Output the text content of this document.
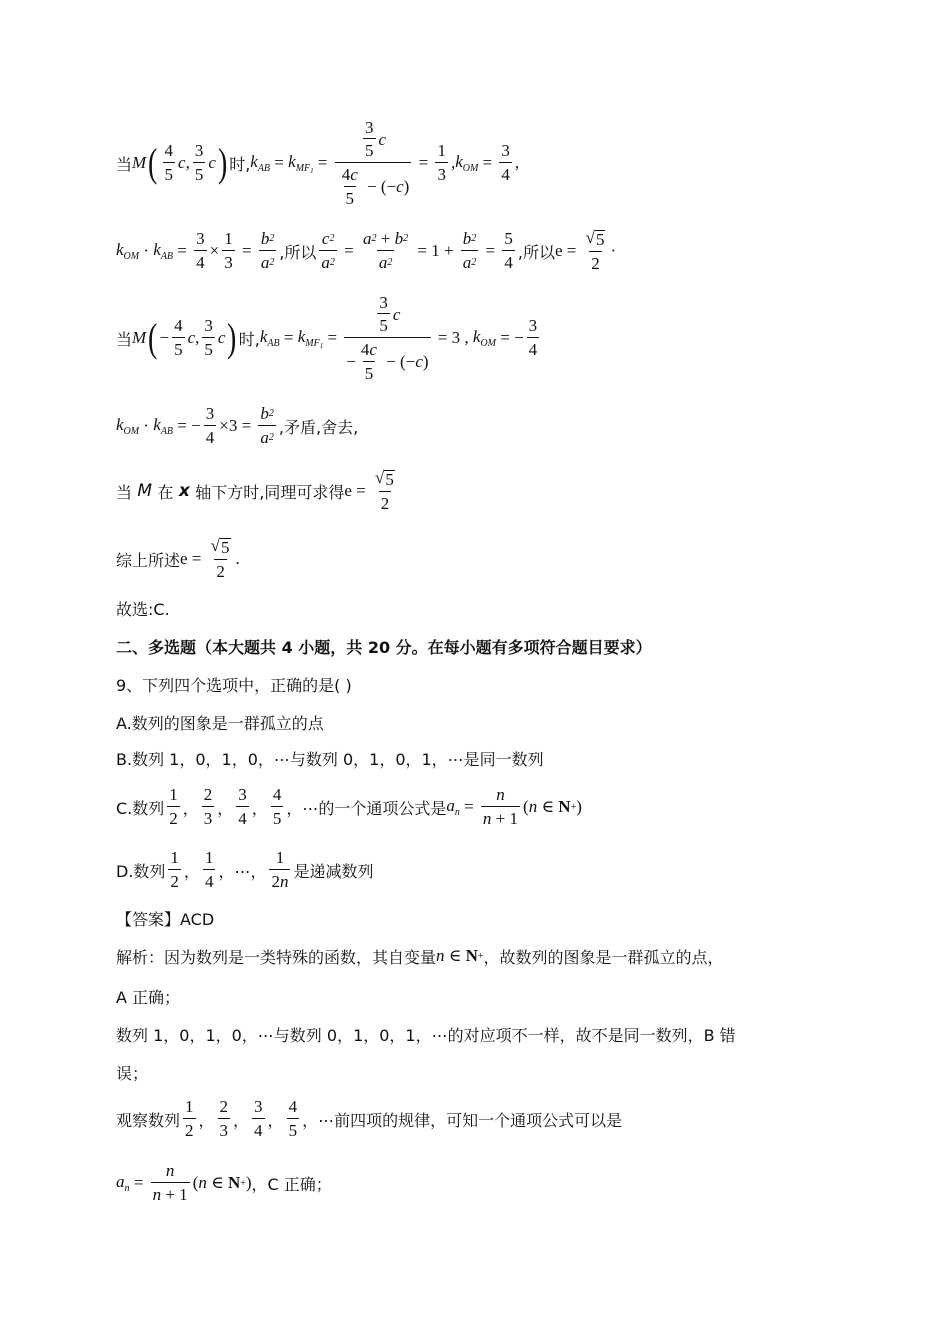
当 M ( $\frac{4}{5}$ c , $\frac{3}{5}$ c ) 时, $k_{AB} = k_{MF_1} = \frac{\frac{3}{5} c}{\frac{4 c}{5} - (- c )} = \frac{1}{3}$ , $k_{OM} = \frac{3}{4}$ ,
$k_{OM} \cdot k_{AB} = \frac{3}{4} \times \frac{1}{3} = \frac{b 2}{a 2}$ ,所以 $\frac{c 2}{a 2} = \frac{a 2 + b 2}{a 2} = 1 + \frac{b 2}{a 2} = \frac{5}{4}$ ,所以 $e = \frac{√ 5}{2}$ ·
当 M ( − $\frac{4}{5}$ c , $\frac{3}{5}$ c ) 时, $k_{AB} = k_{MF_1} = \frac{\frac{3}{5} c}{- \frac{4 c}{5} - (- c )} = 3$ , $k_{OM}$ = − $\frac{3}{4}$
$k_{OM} \cdot k_{AB}$ = − $\frac{3}{4} \times 3 = \frac{b 2}{a 2}$ ,矛盾,舍去,
当
M
在
x
轴下方时,同理可求得 $e = \frac{√ 5}{2}$
综上所述 $e = \frac{√ 5}{2}$ .
故选:C.
二、多选题（本大题共 4 小题，共 20 分。在每小题有多项符合题目要求）
9、下列四个选项中，正确的是( )
A.数列的图象是一群孤立的点
B.数列 1，0，1，0，⋯与数列 0，1，0，1，⋯是同一数列
C.数列 $\frac{1}{2}$ ， $\frac{2}{3}$ ， $\frac{3}{4}$ ， $\frac{4}{5}$ ，⋯的一个通项公式是 $a_n = \frac{n}{n + 1}$ ( n ∈ N + )
D.数列 $\frac{1}{2}$ ， $\frac{1}{4}$ ，⋯， $\frac{1}{2 n}$ 是递减数列
【答案】ACD
解析：因为数列是一类特殊的函数，其自变量 n ∈ N + ，故数列的图象是一群孤立的点，
A 正确；
数列 1，0，1，0，⋯与数列 0，1，0，1，⋯的对应项不一样，故不是同一数列，B 错
误；
观察数列 $\frac{1}{2}$ ， $\frac{2}{3}$ ， $\frac{3}{4}$ ， $\frac{4}{5}$ ，⋯前四项的规律，可知一个通项公式可以是
$a_n = \frac{n}{n + 1}$ ( n ∈ N + ) ，C 正确；
